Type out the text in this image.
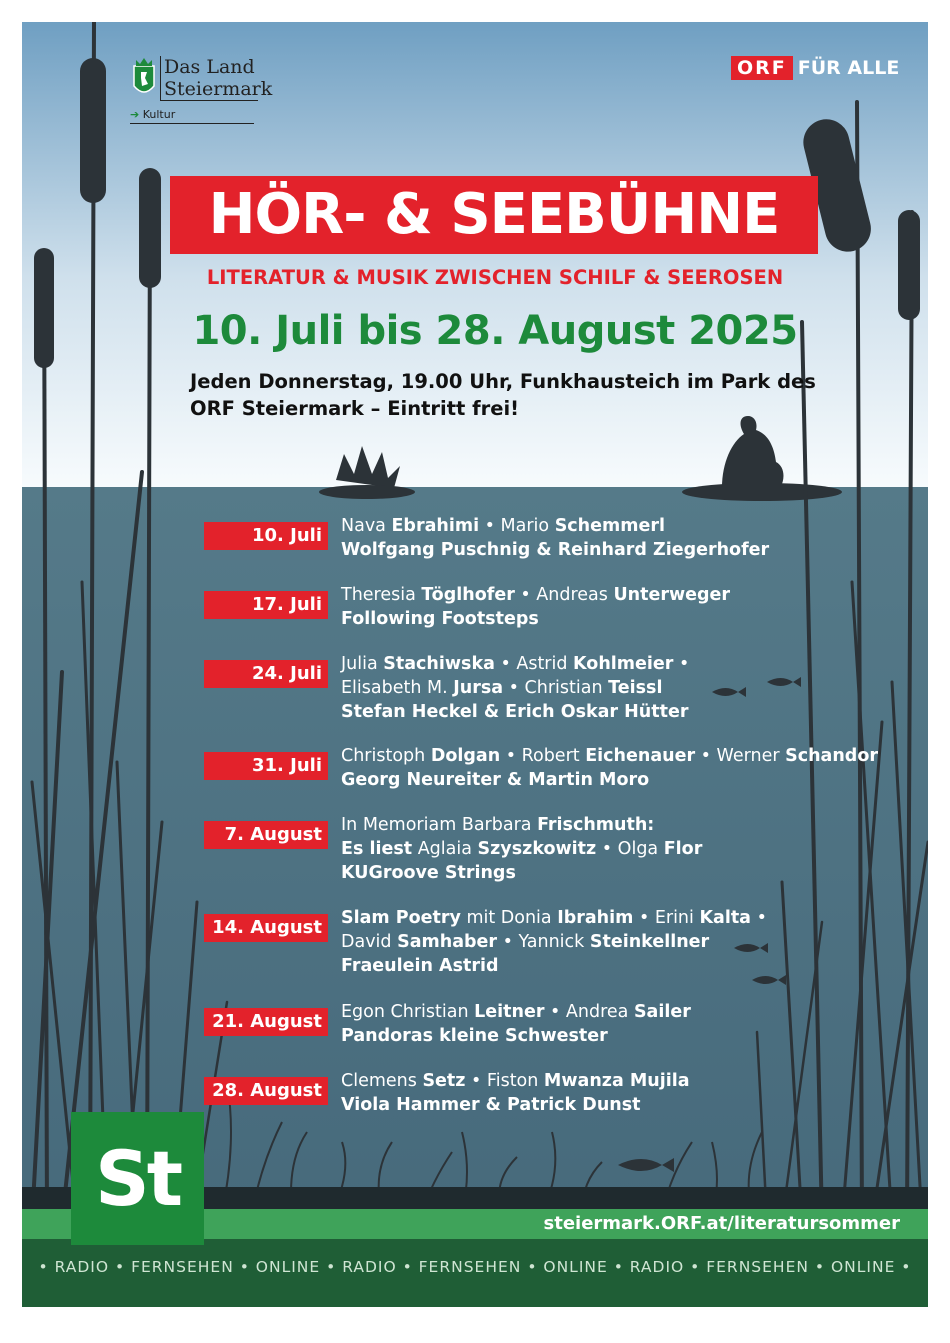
Das Land
Steiermark
➔ Kultur
ORF FÜR ALLE
HÖR- & SEEBÜHNE
LITERATUR & MUSIK ZWISCHEN SCHILF & SEEROSEN
10. Juli bis 28. August 2025
Jeden Donnerstag, 19.00 Uhr, Funkhausteich im Park des
ORF Steiermark – Eintritt frei!
10. Juli	Nava Ebrahimi • Mario Schemmerl
Wolfgang Puschnig & Reinhard Ziegerhofer
17. Juli	Theresia Töglhofer • Andreas Unterweger
Following Footsteps
24. Juli	Julia Stachiwska • Astrid Kohlmeier •
Elisabeth M. Jursa • Christian Teissl
Stefan Heckel & Erich Oskar Hütter
31. Juli	Christoph Dolgan • Robert Eichenauer • Werner Schandor
Georg Neureiter & Martin Moro
7. August	In Memoriam Barbara Frischmuth:
Es liest Aglaia Szyszkowitz • Olga Flor
KUGroove Strings
14. August	Slam Poetry mit Donia Ibrahim • Erini Kalta •
David Samhaber • Yannick Steinkellner
Fraeulein Astrid
21. August	Egon Christian Leitner • Andrea Sailer
Pandoras kleine Schwester
28. August	Clemens Setz • Fiston Mwanza Mujila
Viola Hammer & Patrick Dunst
St
steiermark.ORF.at/literatursommer
• RADIO • FERNSEHEN • ONLINE • RADIO • FERNSEHEN • ONLINE • RADIO • FERNSEHEN • ONLINE •
